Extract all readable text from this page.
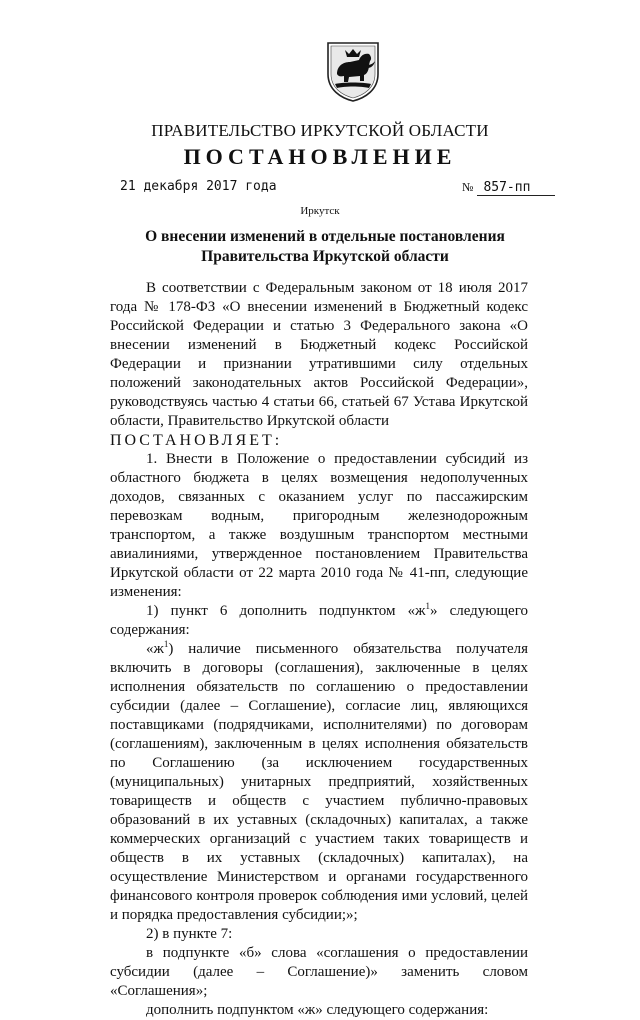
ПРАВИТЕЛЬСТВО ИРКУТСКОЙ ОБЛАСТИ
ПОСТАНОВЛЕНИЕ
21 декабря 2017 года	№ 857-пп
Иркутск
О внесении изменений в отдельные постановления Правительства Иркутской области

В соответствии с Федеральным законом от 18 июля 2017 года № 178-ФЗ «О внесении изменений в Бюджетный кодекс Российской Федерации и статью 3 Федерального закона «О внесении изменений в Бюджетный кодекс Российской Федерации и признании утратившими силу отдельных положений законодательных актов Российской Федерации», руководствуясь частью 4 статьи 66, статьей 67 Устава Иркутской области, Правительство Иркутской области

ПОСТАНОВЛЯЕТ:

1. Внести в Положение о предоставлении субсидий из областного бюджета в целях возмещения недополученных доходов, связанных с оказанием услуг по пассажирским перевозкам водным, пригородным железнодорожным транспортом, а также воздушным транспортом местными авиалиниями, утвержденное постановлением Правительства Иркутской области от 22 марта 2010 года № 41-пп, следующие изменения:

1) пункт 6 дополнить подпунктом «$ж^1$» следующего содержания:

«$ж^1$) наличие письменного обязательства получателя включить в договоры (соглашения), заключенные в целях исполнения обязательств по соглашению о предоставлении субсидии (далее – Соглашение), согласие лиц, являющихся поставщиками (подрядчиками, исполнителями) по договорам (соглашениям), заключенным в целях исполнения обязательств по Соглашению (за исключением государственных (муниципальных) унитарных предприятий, хозяйственных товариществ и обществ с участием публично-правовых образований в их уставных (складочных) капиталах, а также коммерческих организаций с участием таких товариществ и обществ в их уставных (складочных) капиталах), на осуществление Министерством и органами государственного финансового контроля проверок соблюдения ими условий, целей и порядка предоставления субсидии;»;

2) в пункте 7:

в подпункте «б» слова «соглашения о предоставлении субсидии (далее – Соглашение)» заменить словом «Соглашения»;

дополнить подпунктом «ж» следующего содержания:
